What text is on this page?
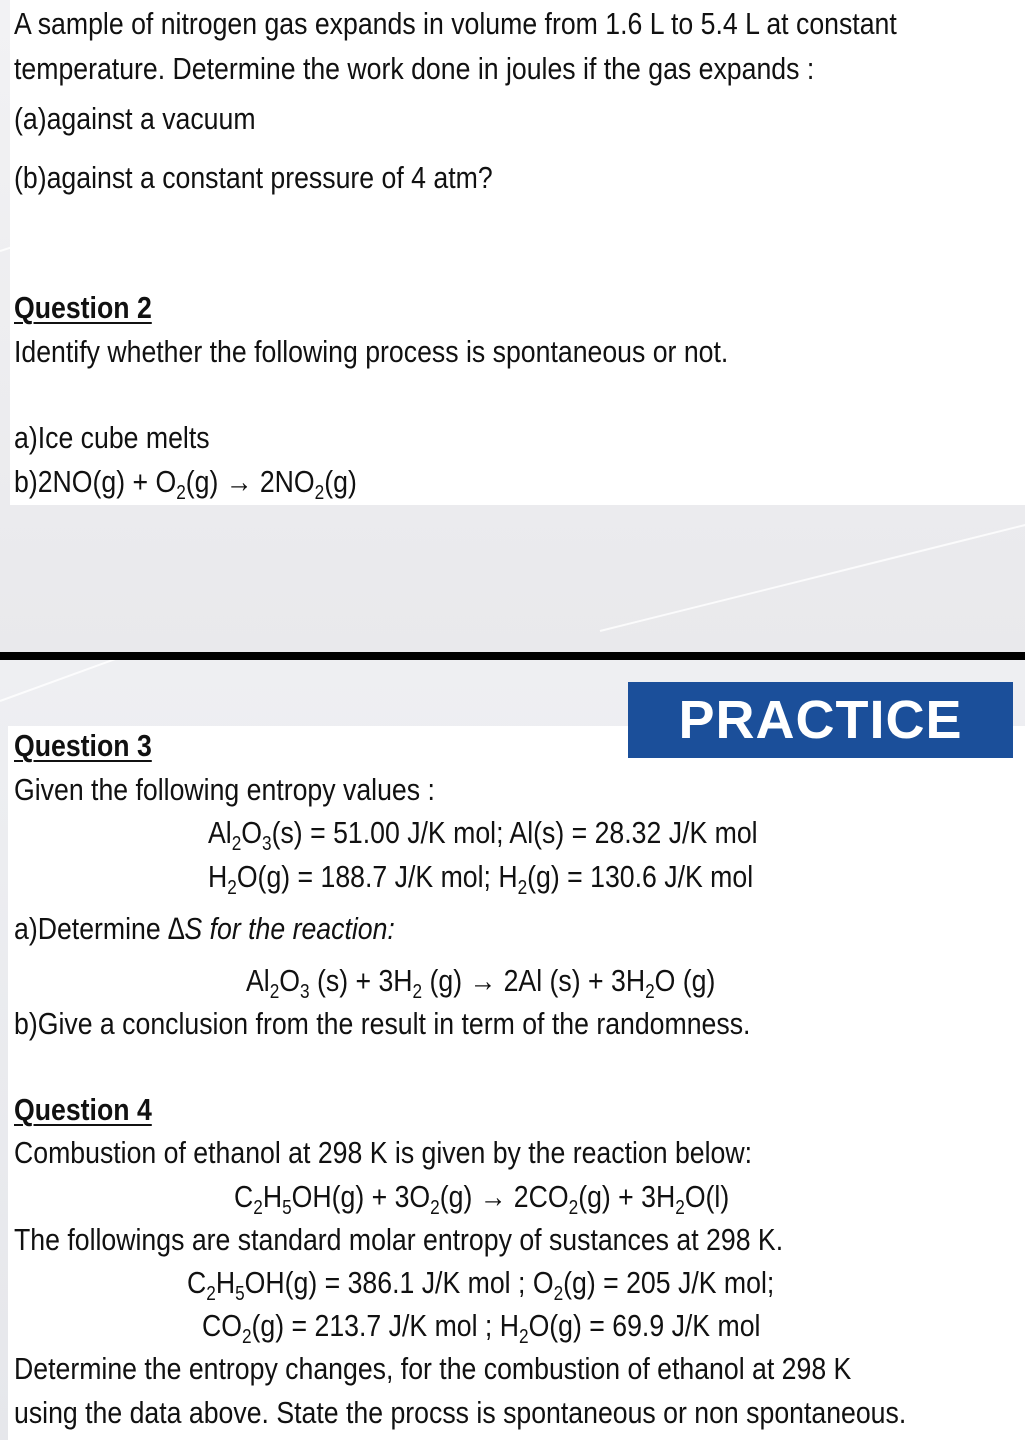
A sample of nitrogen gas expands in volume from 1.6 L to 5.4 L at constant
temperature. Determine the work done in joules if the gas expands :
(a)against a vacuum
(b)against a constant pressure of 4 atm?
Question 2
Identify whether the following process is spontaneous or not.
a)Ice cube melts
$b)2NO(g) + O_2(g) \to 2NO_2(g)$
PRACTICE
Question 3
Given the following entropy values :
$Al_2O_3(s) = 51.00$ J/K mol; Al(s) = 28.32 J/K mol
$H_2O(g) = 188.7$ J/K mol; $H_2(g) = 130.6$ J/K mol
a)Determine ∆S for the reaction:
$Al_2O_3$ $(s) + 3H_2$ (g) → 2Al $(s) + 3H_2O$ (g)
b)Give a conclusion from the result in term of the randomness.
Question 4
Combustion of ethanol at 298 K is given by the reaction below:
$C_2H_5OH(g) + 3O_2(g) \to 2CO_2(g) + 3H_2O(l)$
The followings are standard molar entropy of sustances at 298 K.
$C_2H_5OH(g) = 386.1$ J/K mol ; $O_2(g) = 205$ J/K mol;
$CO_2(g) = 213.7$ J/K mol ; $H_2O(g) = 69.9$ J/K mol
Determine the entropy changes, for the combustion of ethanol at 298 K
using the data above. State the procss is spontaneous or non spontaneous.
